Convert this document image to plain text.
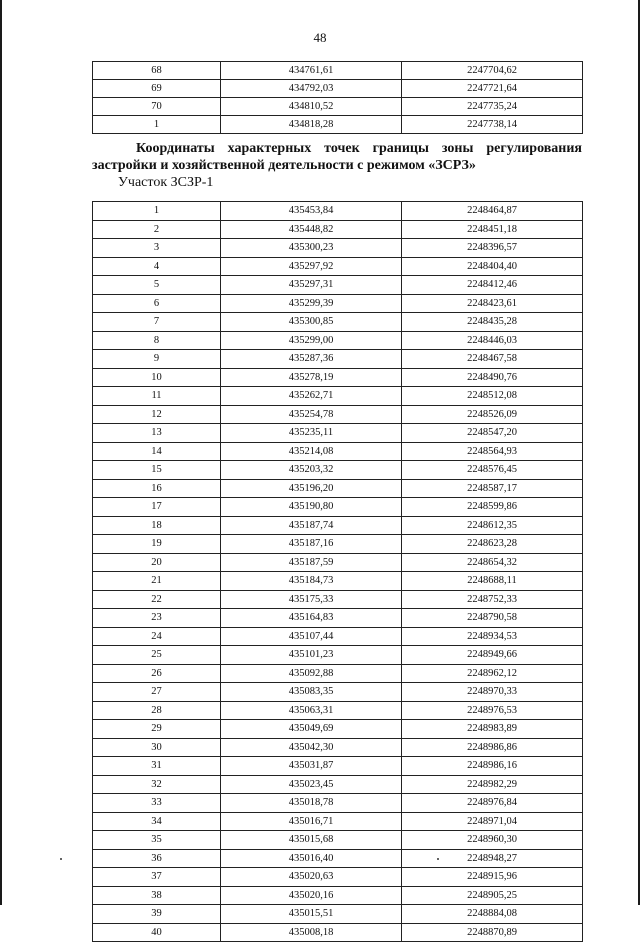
48
68	434761,61	2247704,62
69	434792,03	2247721,64
70	434810,52	2247735,24
1	434818,28	2247738,14
Координаты характерных точек границы зоны регулирования застройки и хозяйственной деятельности с режимом «ЗСРЗ»
Участок ЗСЗР-1
1	435453,84	2248464,87
2	435448,82	2248451,18
3	435300,23	2248396,57
4	435297,92	2248404,40
5	435297,31	2248412,46
6	435299,39	2248423,61
7	435300,85	2248435,28
8	435299,00	2248446,03
9	435287,36	2248467,58
10	435278,19	2248490,76
11	435262,71	2248512,08
12	435254,78	2248526,09
13	435235,11	2248547,20
14	435214,08	2248564,93
15	435203,32	2248576,45
16	435196,20	2248587,17
17	435190,80	2248599,86
18	435187,74	2248612,35
19	435187,16	2248623,28
20	435187,59	2248654,32
21	435184,73	2248688,11
22	435175,33	2248752,33
23	435164,83	2248790,58
24	435107,44	2248934,53
25	435101,23	2248949,66
26	435092,88	2248962,12
27	435083,35	2248970,33
28	435063,31	2248976,53
29	435049,69	2248983,89
30	435042,30	2248986,86
31	435031,87	2248986,16
32	435023,45	2248982,29
33	435018,78	2248976,84
34	435016,71	2248971,04
35	435015,68	2248960,30
36	435016,40	2248948,27
37	435020,63	2248915,96
38	435020,16	2248905,25
39	435015,51	2248884,08
40	435008,18	2248870,89
